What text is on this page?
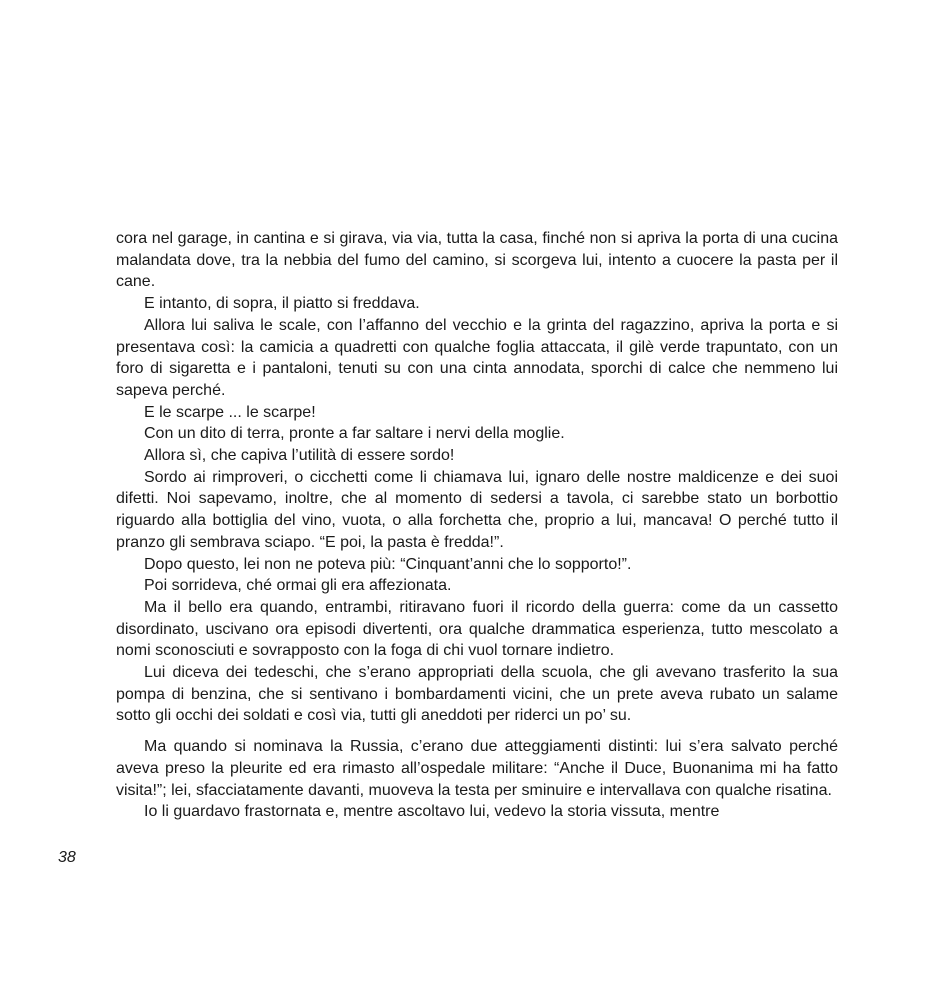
cora nel garage, in cantina e si girava, via via, tutta la casa, finché non si apriva la porta di una cucina malandata dove, tra la nebbia del fumo del camino, si scorgeva lui, intento a cuocere la pasta per il cane.

E intanto, di sopra, il piatto si freddava.

Allora lui saliva le scale, con l’affanno del vecchio e la grinta del ragazzino, apriva la porta e si presentava così: la camicia a quadretti con qualche foglia attaccata, il gilè verde trapuntato, con un foro di sigaretta e i pantaloni, tenuti su con una cinta annodata, sporchi di calce che nemmeno lui sapeva perché.

E le scarpe ... le scarpe!

Con un dito di terra, pronte a far saltare i nervi della moglie.

Allora sì, che capiva l’utilità di essere sordo!

Sordo ai rimproveri, o cicchetti come li chiamava lui, ignaro delle nostre maldicenze e dei suoi difetti. Noi sapevamo, inoltre, che al momento di sedersi a tavola, ci sarebbe stato un borbottio riguardo alla bottiglia del vino, vuota, o alla forchetta che, proprio a lui, mancava! O perché tutto il pranzo gli sembrava sciapo. “E poi, la pasta è fredda!”.

Dopo questo, lei non ne poteva più: “Cinquant’anni che lo sopporto!”.

Poi sorrideva, ché ormai gli era affezionata.

Ma il bello era quando, entrambi, ritiravano fuori il ricordo della guerra: come da un cassetto disordinato, uscivano ora episodi divertenti, ora qualche drammatica esperienza, tutto mescolato a nomi sconosciuti e sovrapposto con la foga di chi vuol tornare indietro.

Lui diceva dei tedeschi, che s’erano appropriati della scuola, che gli avevano trasferito la sua pompa di benzina, che si sentivano i bombardamenti vicini, che un prete aveva rubato un salame sotto gli occhi dei soldati e così via, tutti gli aneddoti per riderci un po’ su.

Ma quando si nominava la Russia, c’erano due atteggiamenti distinti: lui s’era salvato perché aveva preso la pleurite ed era rimasto all’ospedale militare: “Anche il Duce, Buonanima mi ha fatto visita!”; lei, sfacciatamente davanti, muoveva la testa per sminuire e intervallava con qualche risatina.

Io li guardavo frastornata e, mentre ascoltavo lui, vedevo la storia vissuta, mentre

38
